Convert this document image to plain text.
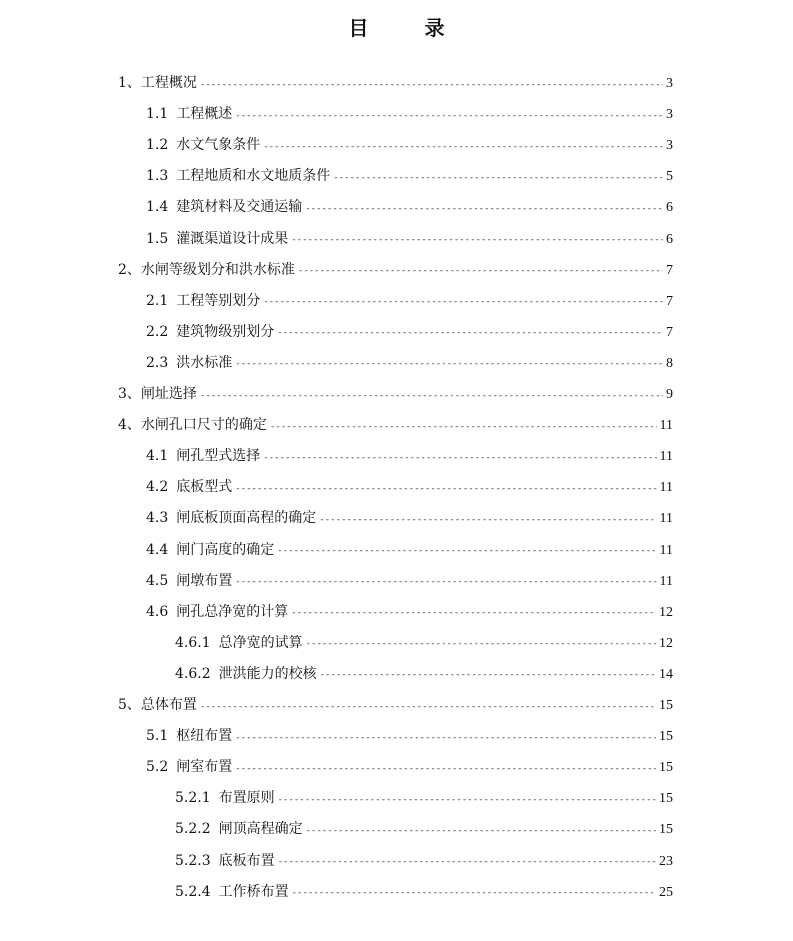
目	录
1、 工程概况 -----	3
1.1 工程概述 -----	3
1.2 水文气象条件 -----	3
1.3 工程地质和水文地质条件 -----	5
1.4 建筑材料及交通运输 -----	6
1.5 灌溉渠道设计成果 -----	6
2、 水闸等级划分和洪水标准 -----	7
2.1 工程等别划分 -----	7
2.2 建筑物级别划分 -----	7
2.3 洪水标准 -----	8
3、 闸址选择 -----	9
4、 水闸孔口尺寸的确定 -----	11
4.1 闸孔型式选择 -----	11
4.2 底板型式 -----	11
4.3 闸底板顶面高程的确定 -----	11
4.4 闸门高度的确定 -----	11
4.5 闸墩布置 -----	11
4.6 闸孔总净宽的计算 -----	12
4.6.1 总净宽的试算 -----	12
4.6.2 泄洪能力的校核 -----	14
5、 总体布置 -----	15
5.1 枢纽布置 -----	15
5.2 闸室布置 -----	15
5.2.1 布置原则 -----	15
5.2.2 闸顶高程确定 -----	15
5.2.3 底板布置 -----	23
5.2.4 工作桥布置 -----	25
